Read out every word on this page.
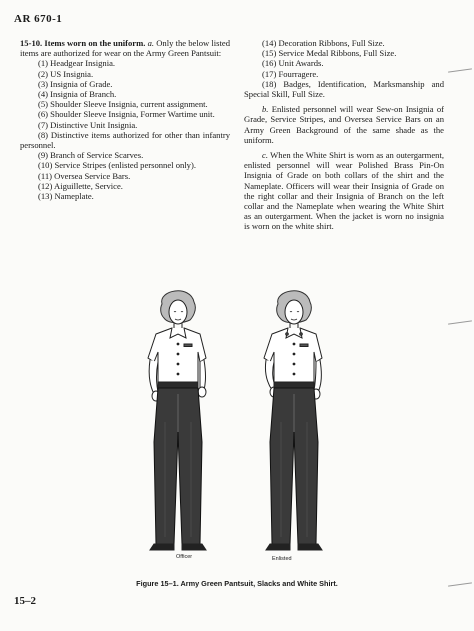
AR 670-1

15-10. Items worn on the uniform. a. Only the below listed items are authorized for wear on the Army Green Pantsuit:

(1) Headgear Insignia.

(2) US Insignia.

(3) Insignia of Grade.

(4) Insignia of Branch.

(5) Shoulder Sleeve Insignia, current assignment.

(6) Shoulder Sleeve Insignia, Former Wartime unit.

(7) Distinctive Unit Insignia.

(8) Distinctive items authorized for other than infantry personnel.

(9) Branch of Service Scarves.

(10) Service Stripes (enlisted personnel only).

(11) Oversea Service Bars.

(12) Aiguillette, Service.

(13) Nameplate.

(14) Decoration Ribbons, Full Size.

(15) Service Medal Ribbons, Full Size.

(16) Unit Awards.

(17) Fourragere.

(18) Badges, Identification, Marksmanship and Special Skill, Full Size.

b. Enlisted personnel will wear Sew-on Insignia of Grade, Service Stripes, and Oversea Service Bars on an Army Green Background of the same shade as the uniform.

c. When the White Shirt is worn as an outergarment, enlisted personnel will wear Polished Brass Pin-On Insignia of Grade on both collars of the shirt and the Nameplate. Officers will wear their Insignia of Grade on the right collar and their Insignia of Branch on the left collar and the Nameplate when wearing the White Shirt as an outergarment. When the jacket is worn no insignia is worn on the white shirt.

Officer	Enlisted
Figure 15–1. Army Green Pantsuit, Slacks and White Shirt.
15–2
